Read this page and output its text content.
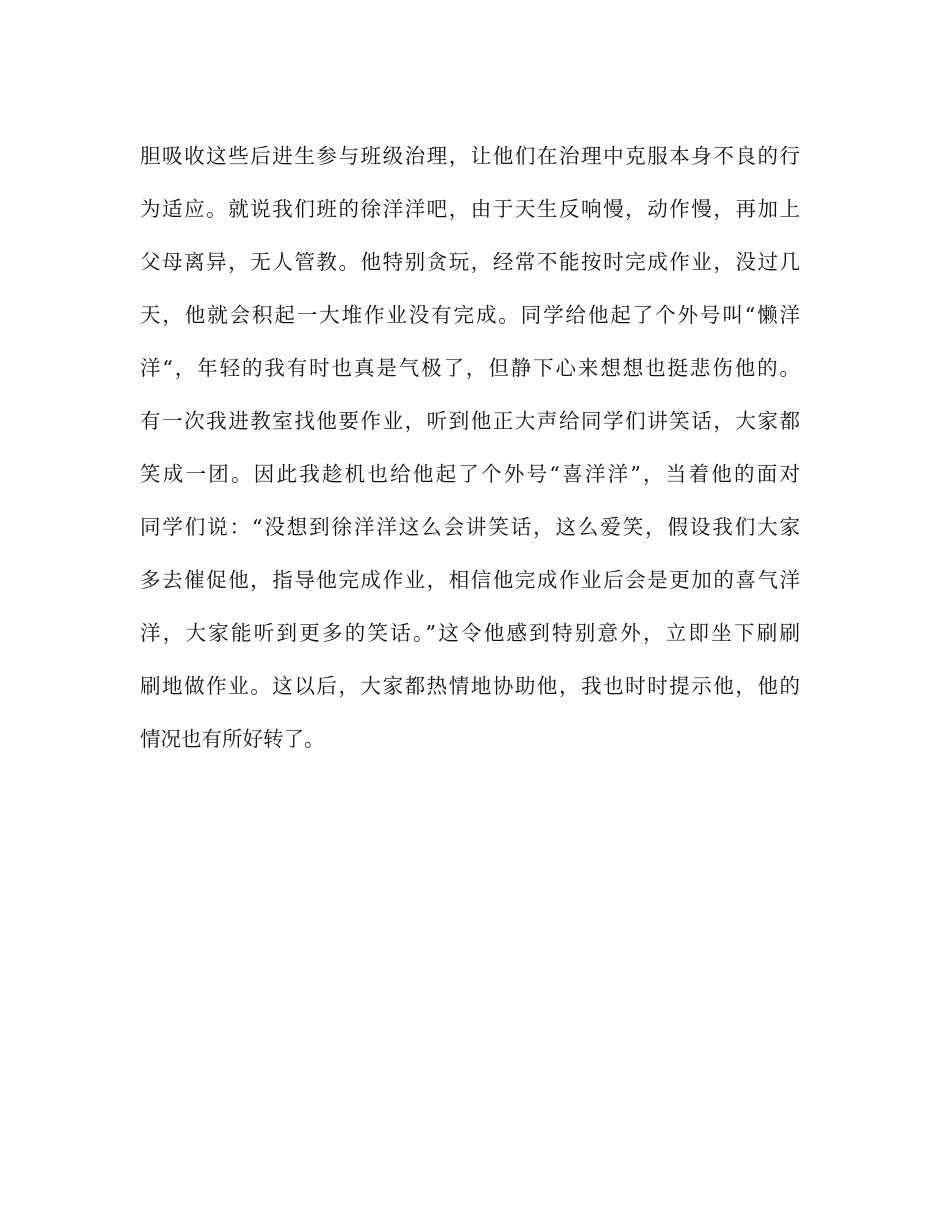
胆吸收这些后进生参与班级治理，让他们在治理中克服本身不良的行
为适应。就说我们班的徐洋洋吧，由于天生反响慢，动作慢，再加上
父母离异，无人管教。他特别贪玩，经常不能按时完成作业，没过几
天，他就会积起一大堆作业没有完成。同学给他起了个外号叫“懒洋
洋“，年轻的我有时也真是气极了，但静下心来想想也挺悲伤他的。
有一次我进教室找他要作业，听到他正大声给同学们讲笑话，大家都
笑成一团。因此我趁机也给他起了个外号“喜洋洋”，当着他的面对
同学们说：“没想到徐洋洋这么会讲笑话，这么爱笑，假设我们大家
多去催促他，指导他完成作业，相信他完成作业后会是更加的喜气洋
洋，大家能听到更多的笑话。”这令他感到特别意外，立即坐下刷刷
刷地做作业。这以后，大家都热情地协助他，我也时时提示他，他的
情况也有所好转了。
